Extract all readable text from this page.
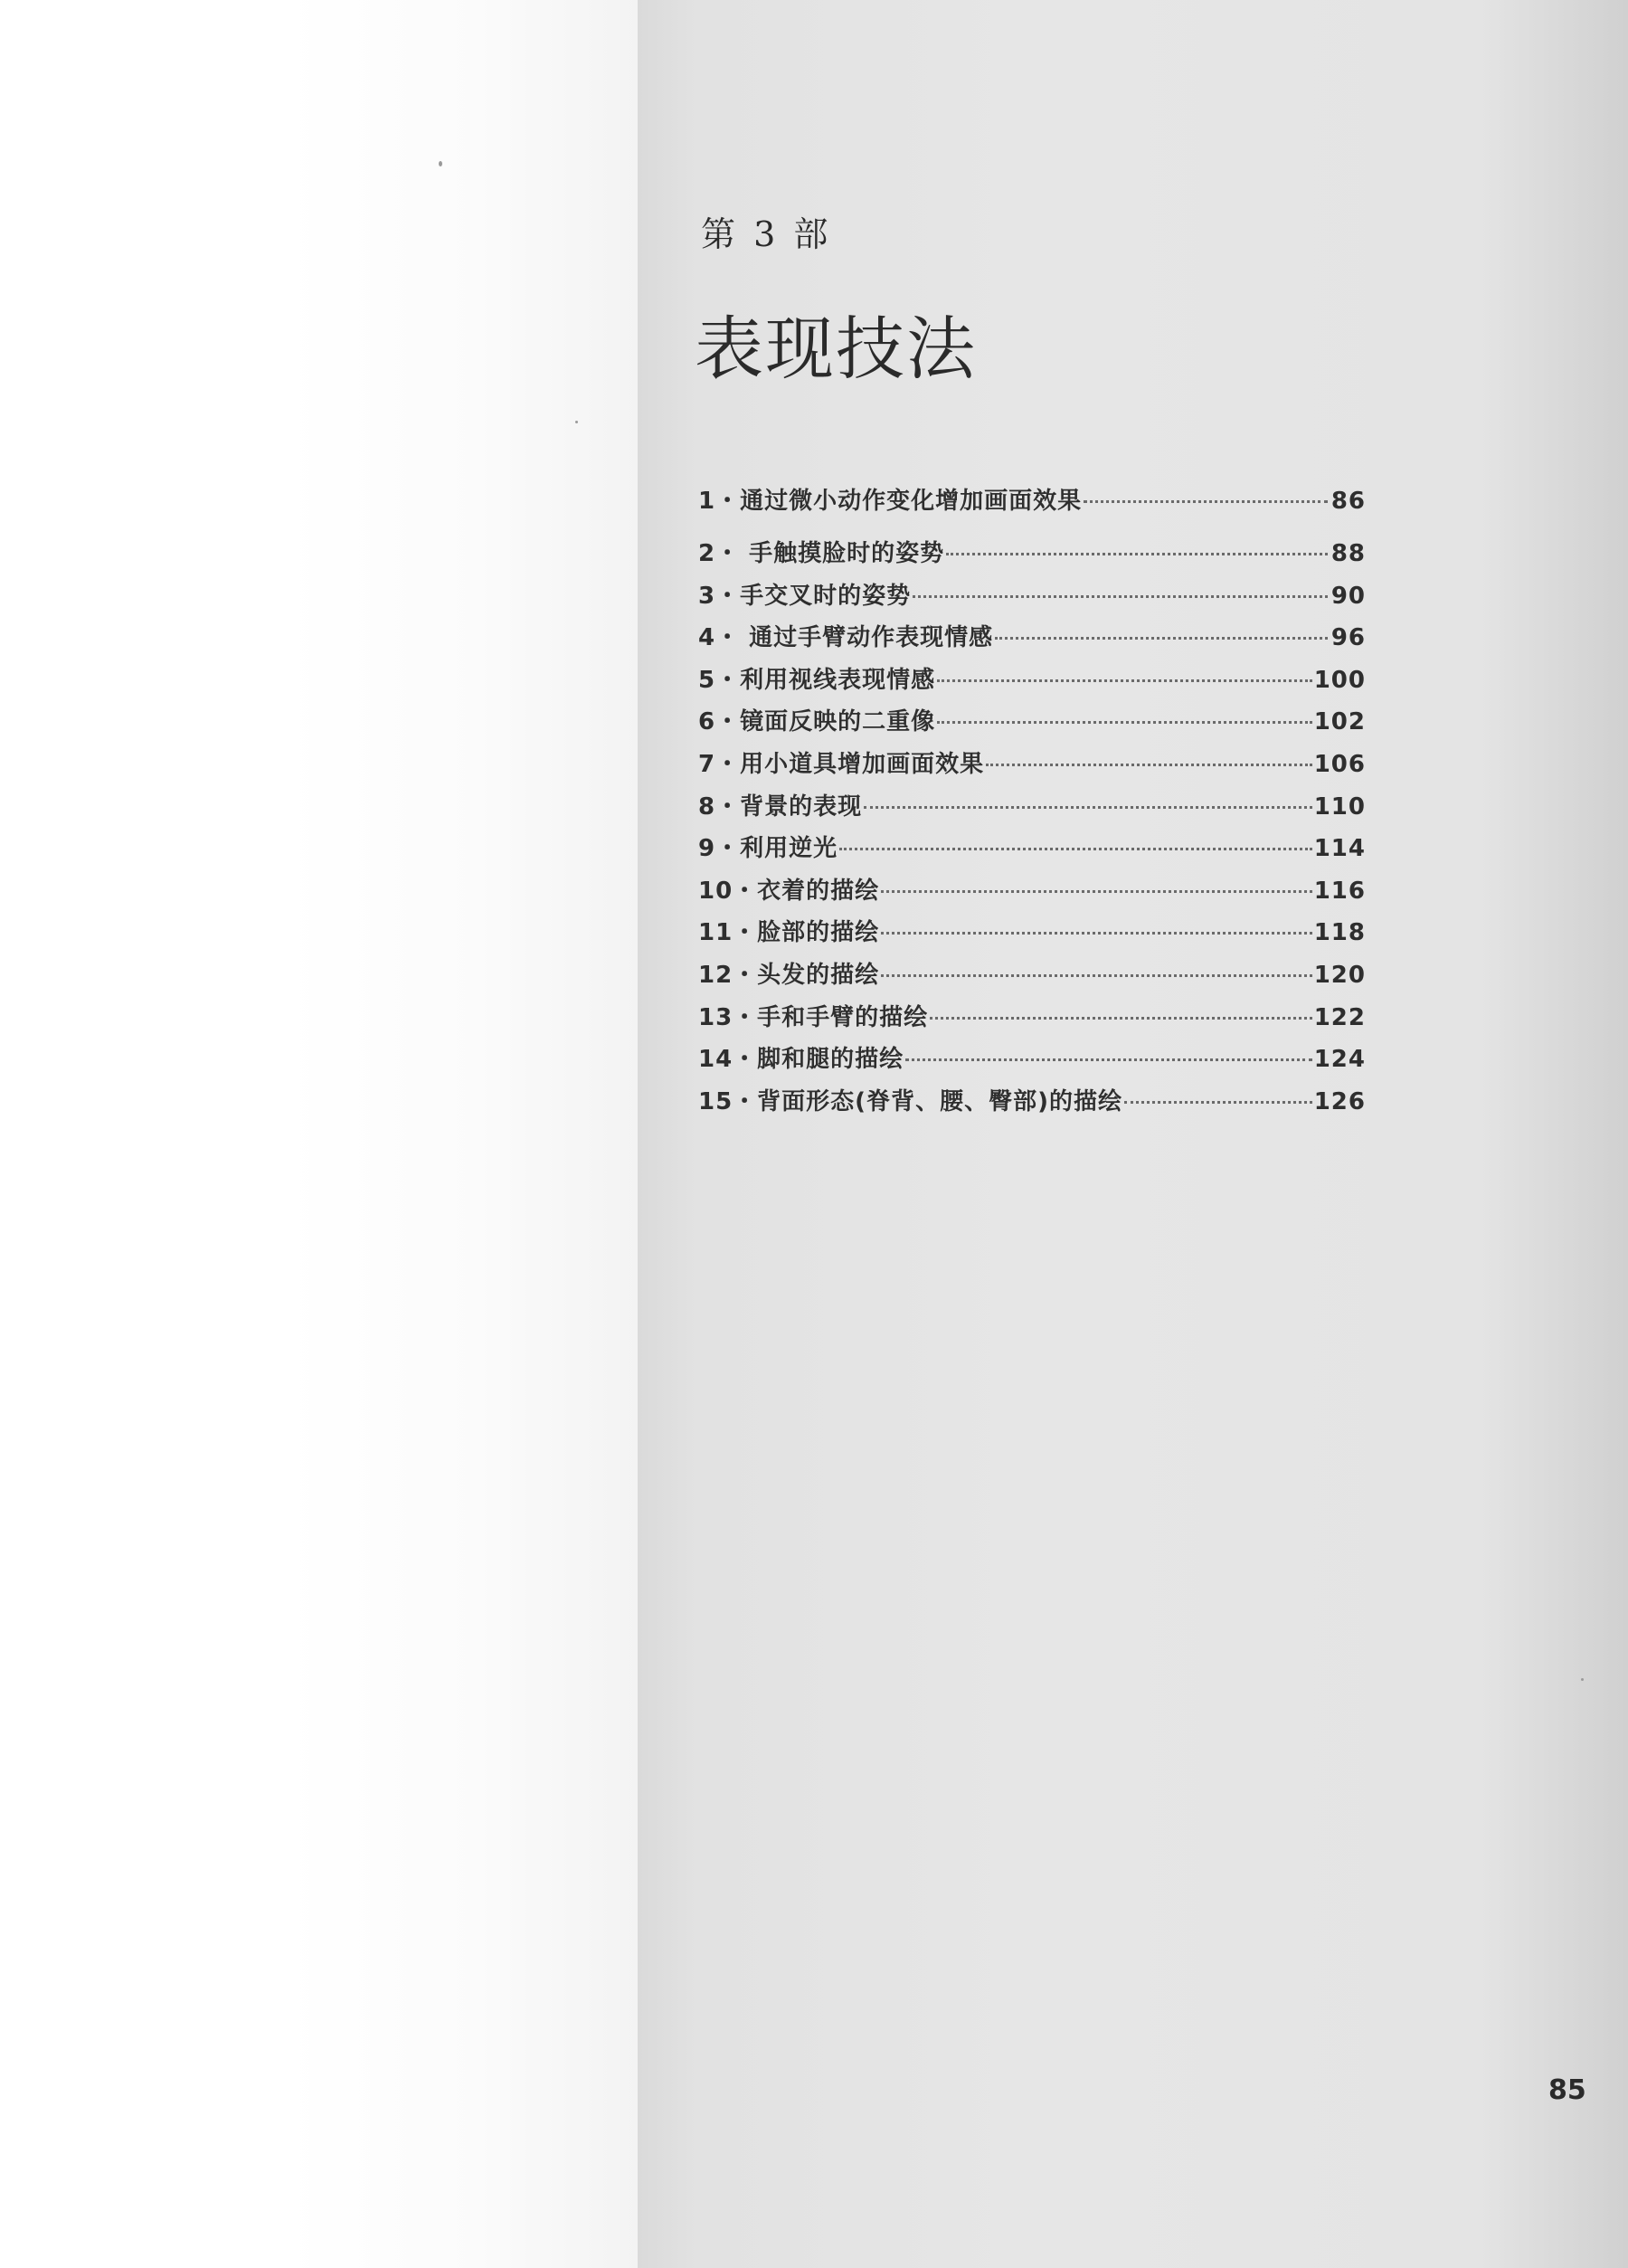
第 3 部
表现技法
1・通过微小动作变化增加画面效果	86
2・ 手触摸脸时的姿势	88
3・手交叉时的姿势	90
4・ 通过手臂动作表现情感	96
5・利用视线表现情感	100
6・镜面反映的二重像	102
7・用小道具增加画面效果	106
8・背景的表现	110
9・利用逆光	114
10・衣着的描绘	116
11・脸部的描绘	118
12・头发的描绘	120
13・手和手臂的描绘	122
14・脚和腿的描绘	124
15・背面形态(脊背、腰、臀部)的描绘	126
85
